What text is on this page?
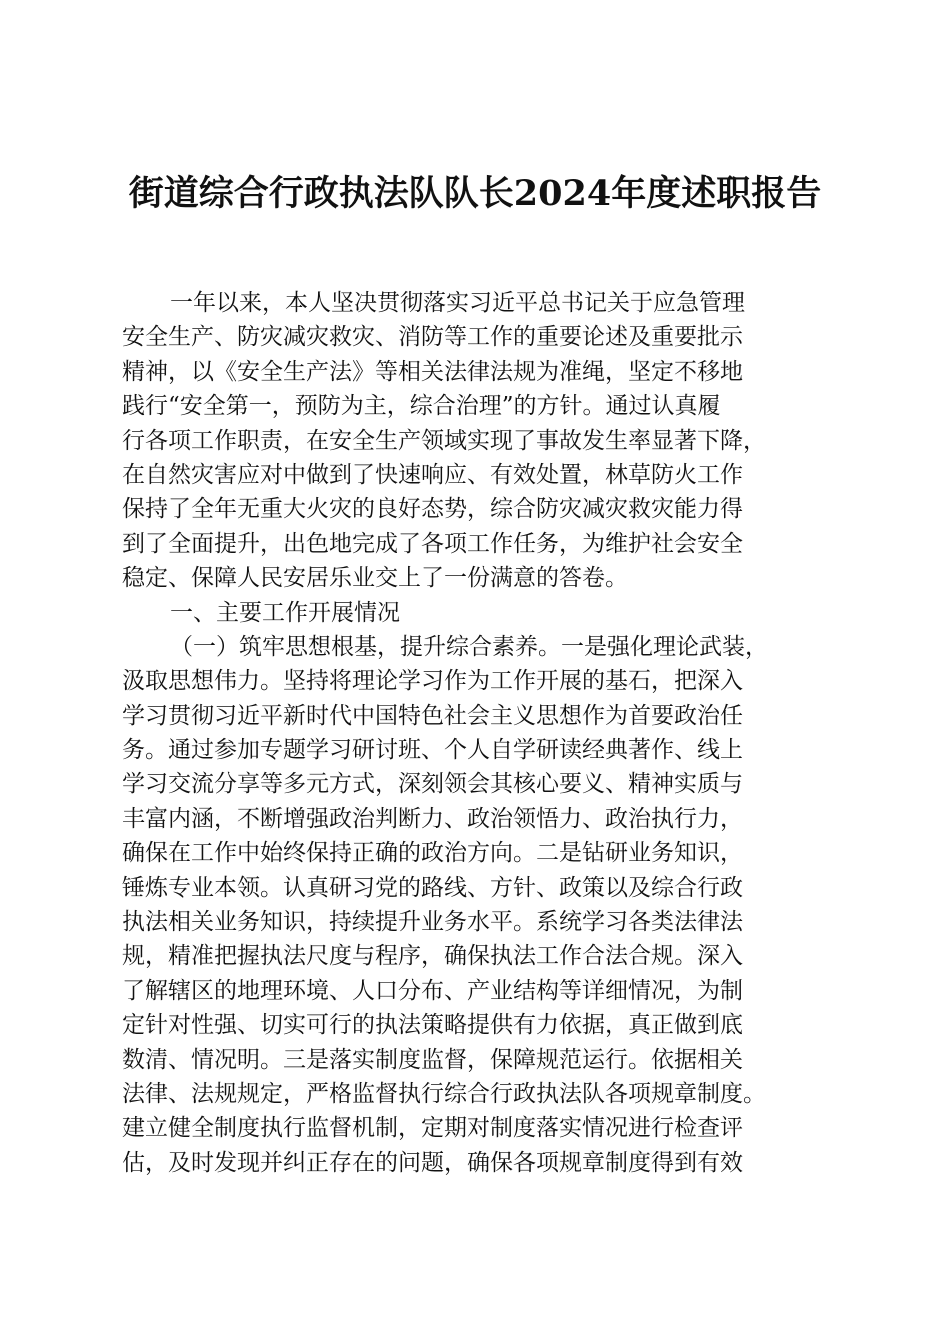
街道综合行政执法队队长2024年度述职报告
一年以来，本人坚决贯彻落实习近平总书记关于应急管理
安全生产、防灾减灾救灾、消防等工作的重要论述及重要批示
精神，以《安全生产法》等相关法律法规为准绳，坚定不移地
践行“安全第一，预防为主，综合治理”的方针。通过认真履
行各项工作职责，在安全生产领域实现了事故发生率显著下降，
在自然灾害应对中做到了快速响应、有效处置，林草防火工作
保持了全年无重大火灾的良好态势，综合防灾减灾救灾能力得
到了全面提升，出色地完成了各项工作任务，为维护社会安全
稳定、保障人民安居乐业交上了一份满意的答卷。
一、主要工作开展情况
（一）筑牢思想根基，提升综合素养。一是强化理论武装，
汲取思想伟力。坚持将理论学习作为工作开展的基石，把深入
学习贯彻习近平新时代中国特色社会主义思想作为首要政治任
务。通过参加专题学习研讨班、个人自学研读经典著作、线上
学习交流分享等多元方式，深刻领会其核心要义、精神实质与
丰富内涵，不断增强政治判断力、政治领悟力、政治执行力，
确保在工作中始终保持正确的政治方向。二是钻研业务知识，
锤炼专业本领。认真研习党的路线、方针、政策以及综合行政
执法相关业务知识，持续提升业务水平。系统学习各类法律法
规，精准把握执法尺度与程序，确保执法工作合法合规。深入
了解辖区的地理环境、人口分布、产业结构等详细情况，为制
定针对性强、切实可行的执法策略提供有力依据，真正做到底
数清、情况明。三是落实制度监督，保障规范运行。依据相关
法律、法规规定，严格监督执行综合行政执法队各项规章制度。
建立健全制度执行监督机制，定期对制度落实情况进行检查评
估，及时发现并纠正存在的问题，确保各项规章制度得到有效
